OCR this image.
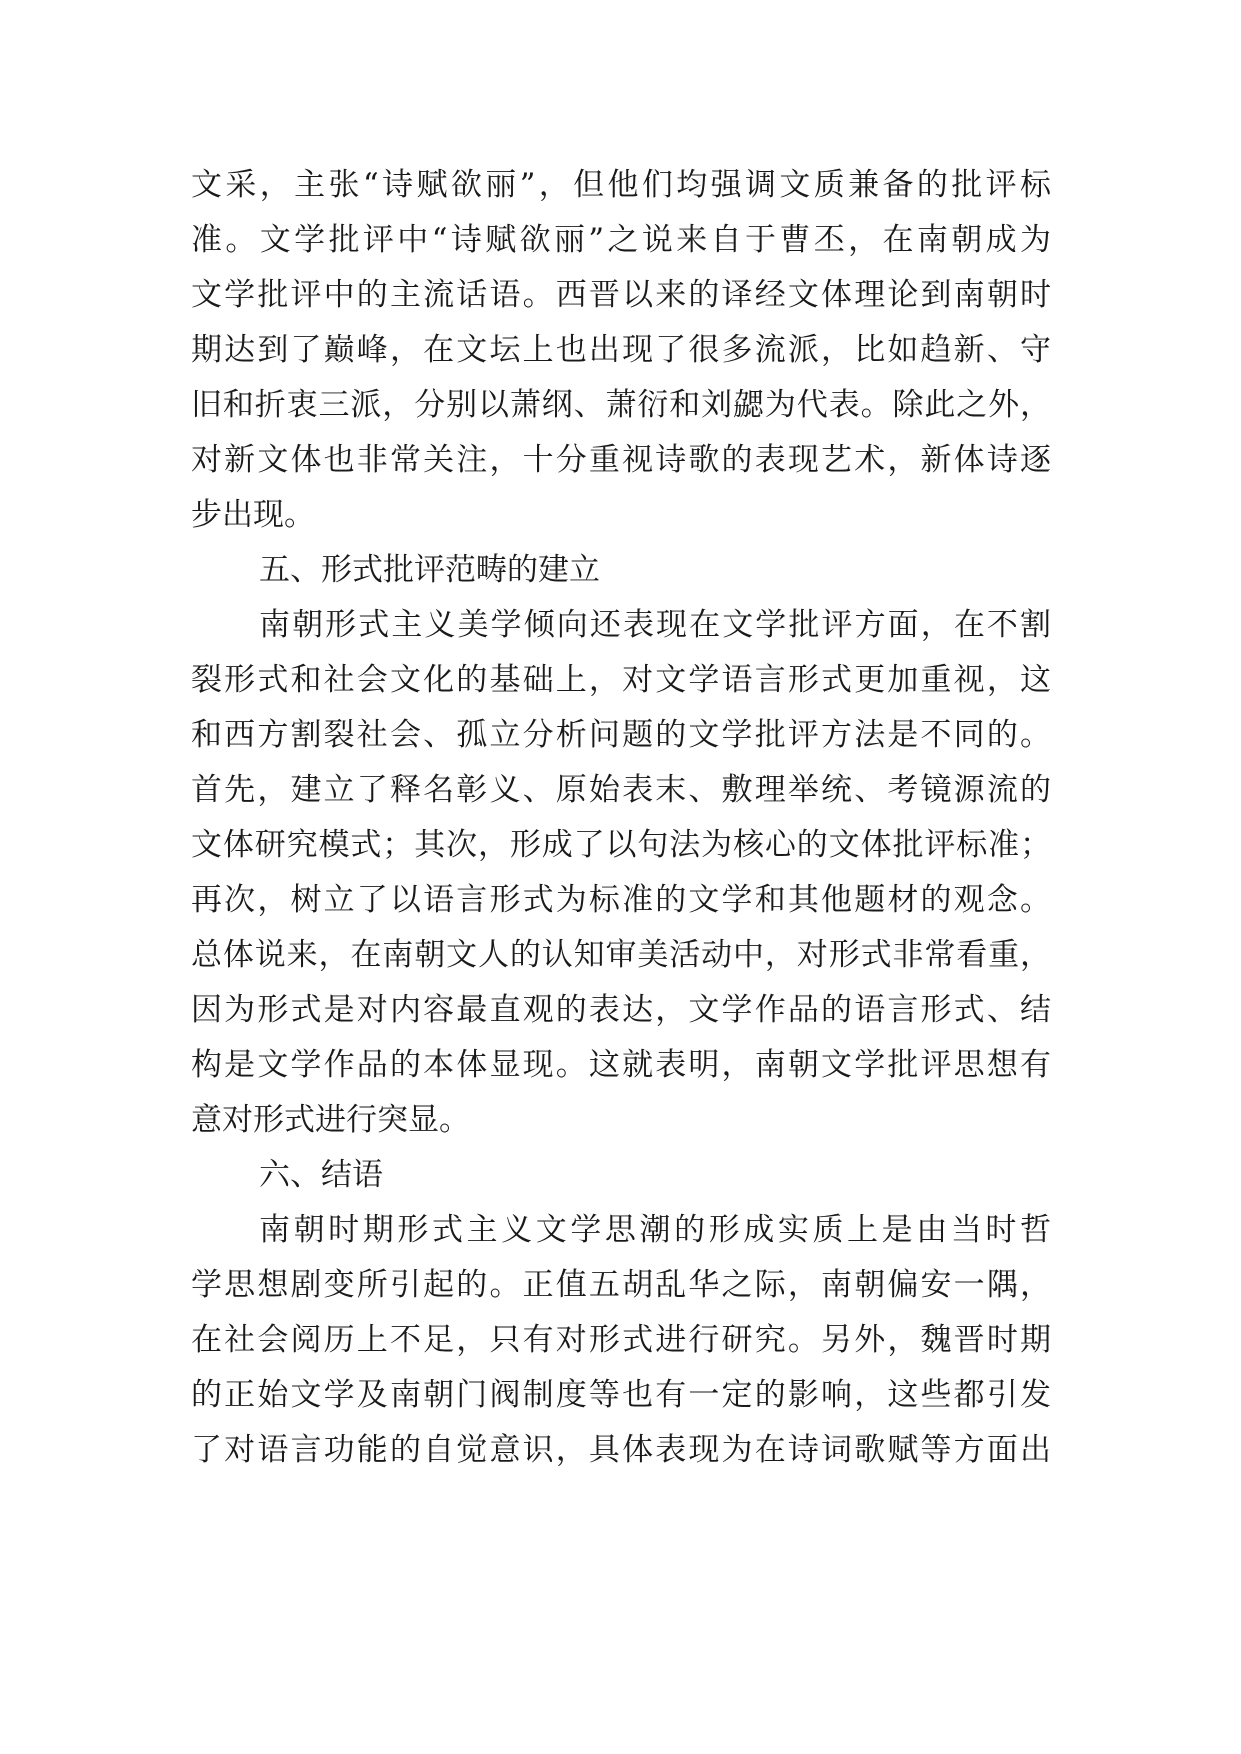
文采，主张“诗赋欲丽”，但他们均强调文质兼备的批评标
准。文学批评中“诗赋欲丽”之说来自于曹丕，在南朝成为
文学批评中的主流话语。西晋以来的译经文体理论到南朝时
期达到了巅峰，在文坛上也出现了很多流派，比如趋新、守
旧和折衷三派，分别以萧纲、萧衍和刘勰为代表。除此之外，
对新文体也非常关注，十分重视诗歌的表现艺术，新体诗逐
步出现。
五、形式批评范畴的建立
南朝形式主义美学倾向还表现在文学批评方面，在不割
裂形式和社会文化的基础上，对文学语言形式更加重视，这
和西方割裂社会、孤立分析问题的文学批评方法是不同的。
首先，建立了释名彰义、原始表末、敷理举统、考镜源流的
文体研究模式；其次，形成了以句法为核心的文体批评标准；
再次，树立了以语言形式为标准的文学和其他题材的观念。
总体说来，在南朝文人的认知审美活动中，对形式非常看重，
因为形式是对内容最直观的表达，文学作品的语言形式、结
构是文学作品的本体显现。这就表明，南朝文学批评思想有
意对形式进行突显。
六、结语
南朝时期形式主义文学思潮的形成实质上是由当时哲
学思想剧变所引起的。正值五胡乱华之际，南朝偏安一隅，
在社会阅历上不足，只有对形式进行研究。另外，魏晋时期
的正始文学及南朝门阀制度等也有一定的影响，这些都引发
了对语言功能的自觉意识，具体表现为在诗词歌赋等方面出
